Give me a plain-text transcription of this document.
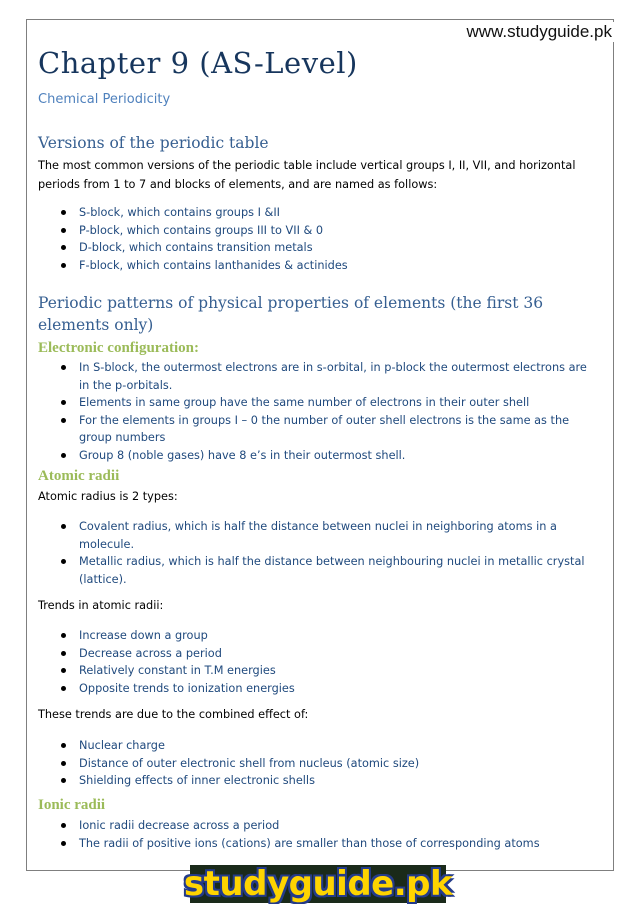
www.studyguide.pk
Chapter 9 (AS-Level)

Chemical Periodicity

Versions of the periodic table

The most common versions of the periodic table include vertical groups I, II, VII, and horizontal periods from 1 to 7 and blocks of elements, and are named as follows:

S-block, which contains groups I &II
P-block, which contains groups III to VII & 0
D-block, which contains transition metals
F-block, which contains lanthanides & actinides
Periodic patterns of physical properties of elements (the first 36 elements only)
Electronic configuration:
In S-block, the outermost electrons are in s-orbital, in p-block the outermost electrons are in the p-orbitals.
Elements in same group have the same number of electrons in their outer shell
For the elements in groups I – 0 the number of outer shell electrons is the same as the group numbers
Group 8 (noble gases) have 8 e’s in their outermost shell.
Atomic radii

Atomic radius is 2 types:

Covalent radius, which is half the distance between nuclei in neighboring atoms in a molecule.
Metallic radius, which is half the distance between neighbouring nuclei in metallic crystal (lattice).

Trends in atomic radii:

Increase down a group
Decrease across a period
Relatively constant in T.M energies
Opposite trends to ionization energies

These trends are due to the combined effect of:

Nuclear charge
Distance of outer electronic shell from nucleus (atomic size)
Shielding effects of inner electronic shells
Ionic radii
Ionic radii decrease across a period
The radii of positive ions (cations) are smaller than those of corresponding atoms
studyguide.pk
